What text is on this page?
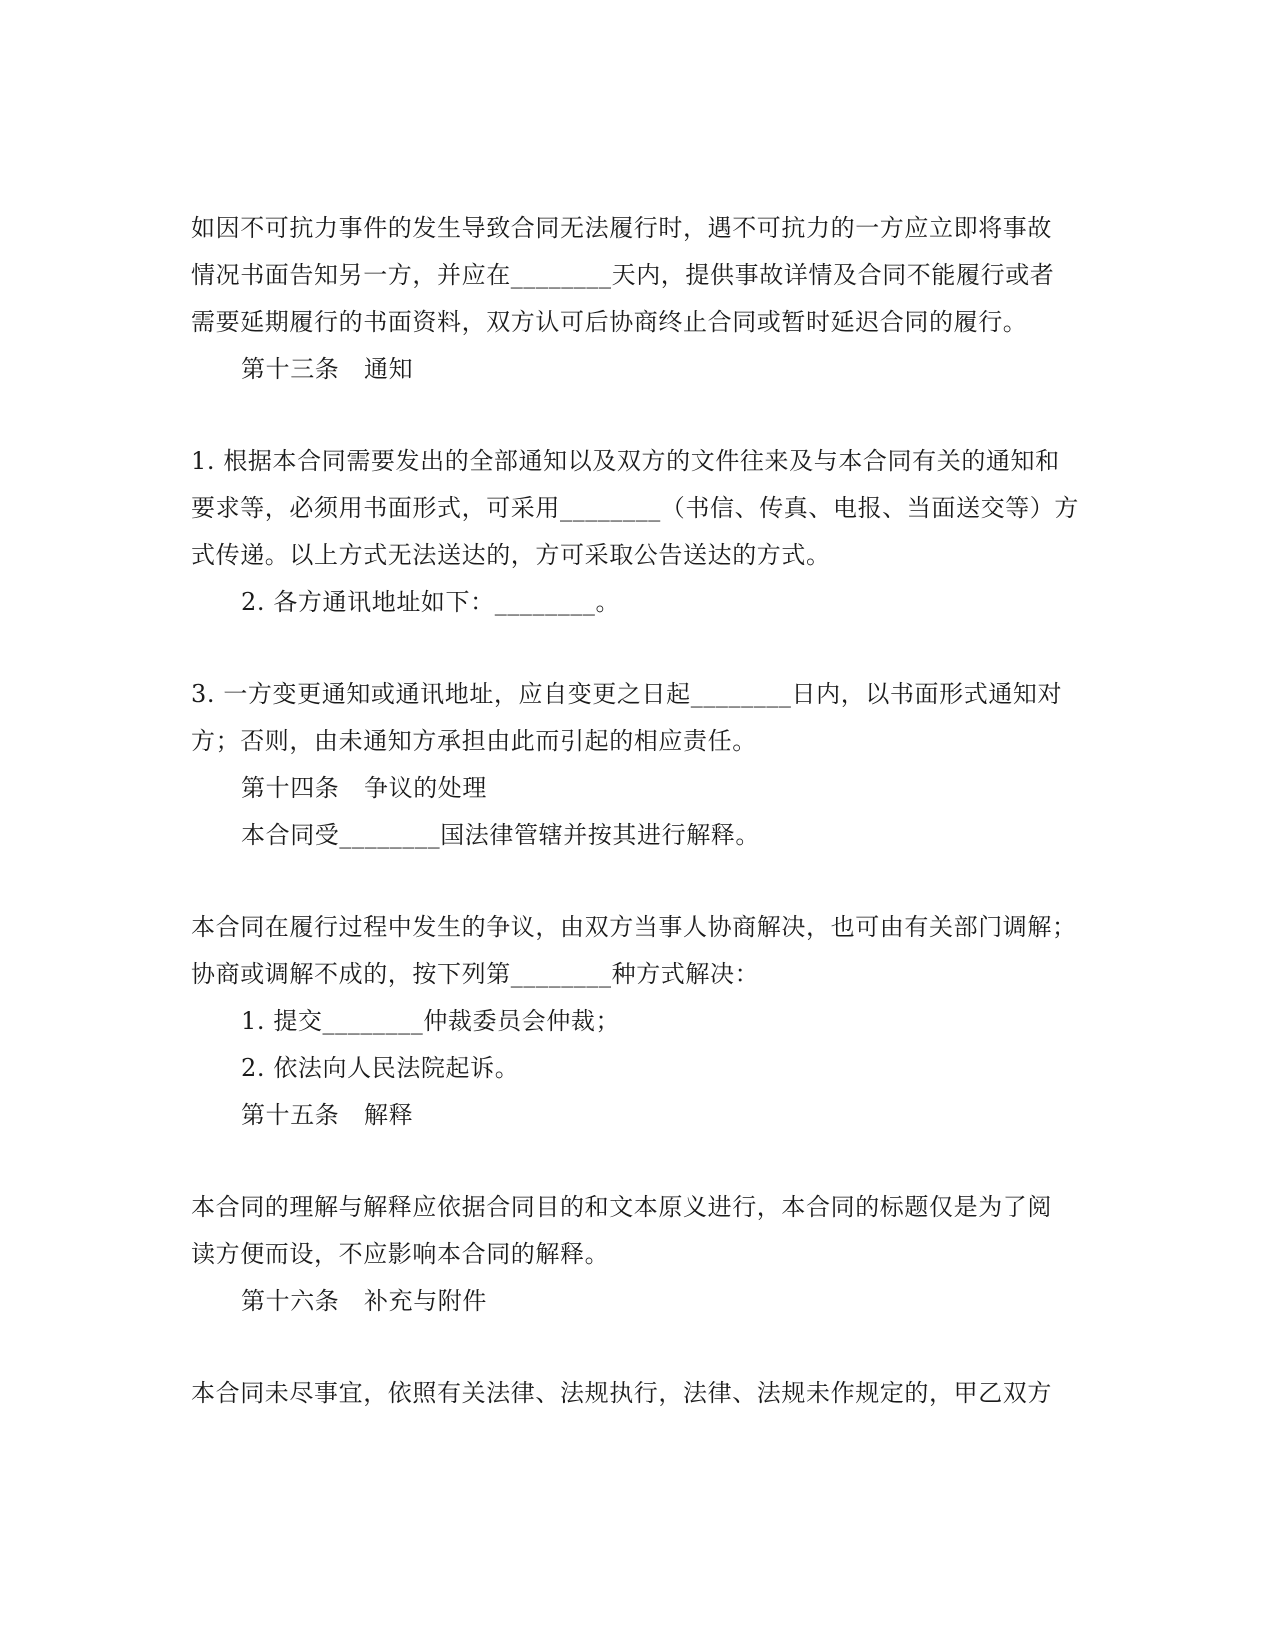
如因不可抗力事件的发生导致合同无法履行时，遇不可抗力的一方应立即将事故
情况书面告知另一方，并应在________天内，提供事故详情及合同不能履行或者
需要延期履行的书面资料，双方认可后协商终止合同或暂时延迟合同的履行。
第十三条　通知
1. 根据本合同需要发出的全部通知以及双方的文件往来及与本合同有关的通知和
要求等，必须用书面形式，可采用________（书信、传真、电报、当面送交等）方
式传递。以上方式无法送达的，方可采取公告送达的方式。
2. 各方通讯地址如下：________。
3. 一方变更通知或通讯地址，应自变更之日起________日内，以书面形式通知对
方；否则，由未通知方承担由此而引起的相应责任。
第十四条　争议的处理
本合同受________国法律管辖并按其进行解释。
本合同在履行过程中发生的争议，由双方当事人协商解决，也可由有关部门调解；
协商或调解不成的，按下列第________种方式解决：
1. 提交________仲裁委员会仲裁；
2. 依法向人民法院起诉。
第十五条　解释
本合同的理解与解释应依据合同目的和文本原义进行，本合同的标题仅是为了阅
读方便而设，不应影响本合同的解释。
第十六条　补充与附件
本合同未尽事宜，依照有关法律、法规执行，法律、法规未作规定的，甲乙双方
